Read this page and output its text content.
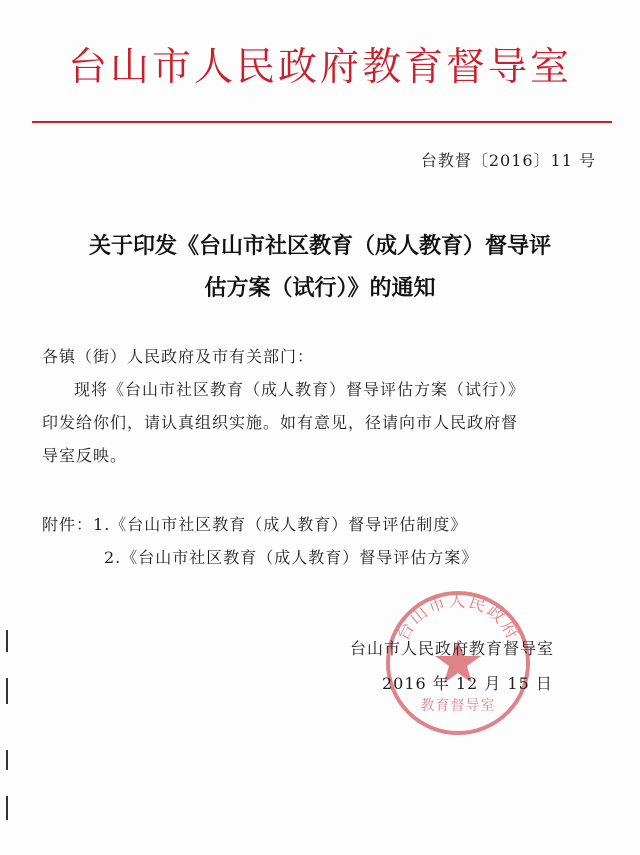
台山市人民政府教育督导室
台教督〔2016〕11 号
关于印发《台山市社区教育（成人教育）督导评
估方案（试行）》的通知

各镇（街）人民政府及市有关部门：

现将《台山市社区教育（成人教育）督导评估方案（试行）》

印发给你们，请认真组织实施。如有意见，径请向市人民政府督

导室反映。

附件：1.《台山市社区教育（成人教育）督导评估制度》
2.《台山市社区教育（成人教育）督导评估方案》
台山市人民政府
教育督导室
台山市人民政府教育督导室
2016 年 12 月 15 日
